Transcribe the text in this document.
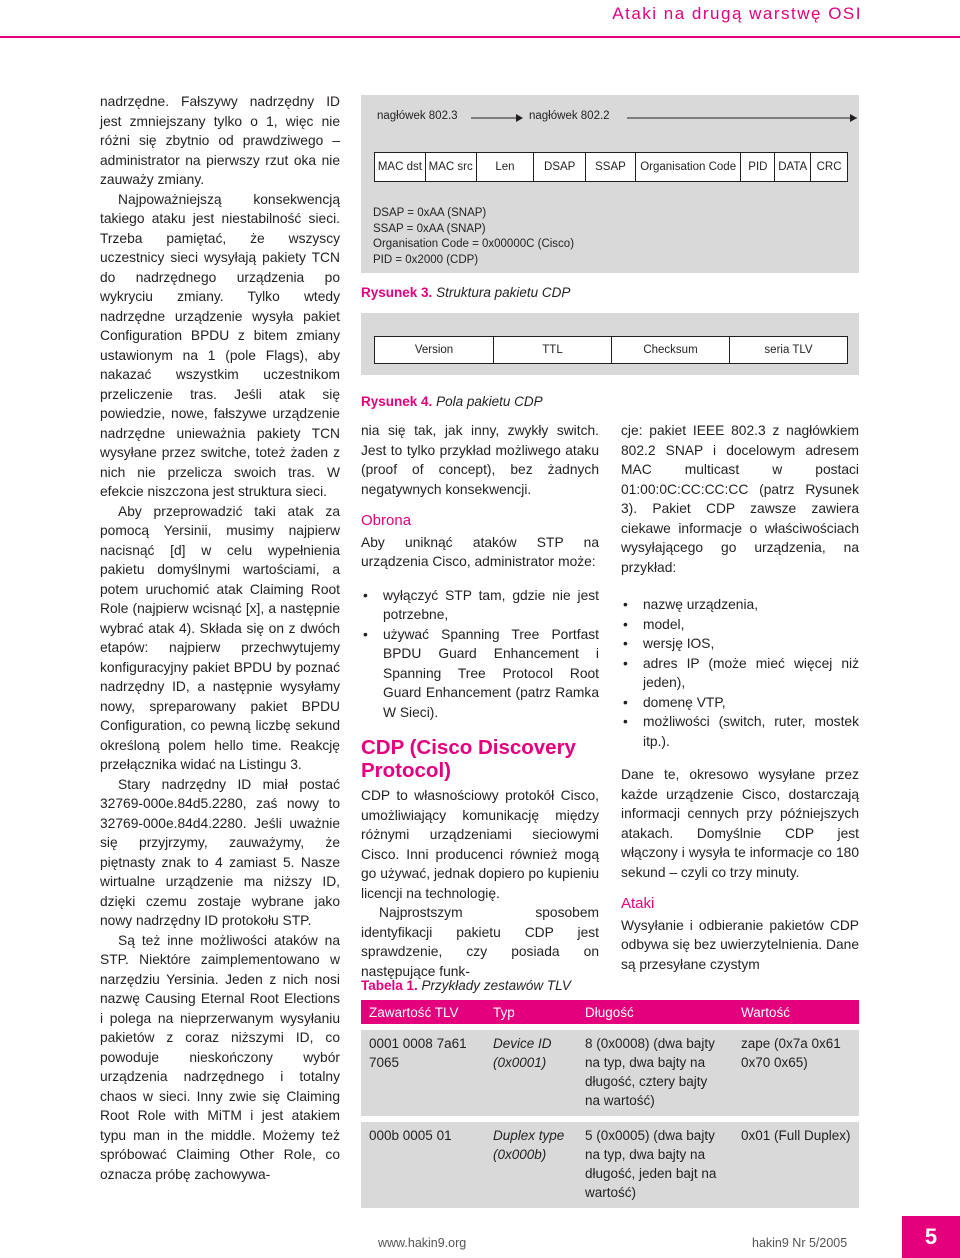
Ataki na drugą warstwę OSI

nadrzędne. Fałszywy nadrzędny ID jest zmniejszany tylko o 1, więc nie różni się zbytnio od prawdziwego – administrator na pierwszy rzut oka nie zauważy zmiany.

Najpoważniejszą konsekwencją takiego ataku jest niestabilność sieci. Trzeba pamiętać, że wszyscy uczestnicy sieci wysyłają pakiety TCN do nadrzędnego urządzenia po wykryciu zmiany. Tylko wtedy nadrzędne urządzenie wysyła pakiet Configuration BPDU z bitem zmiany ustawionym na 1 (pole Flags), aby nakazać wszystkim uczestnikom przeliczenie tras. Jeśli atak się powiedzie, nowe, fałszywe urządzenie nadrzędne unieważnia pakiety TCN wysyłane przez switche, toteż żaden z nich nie przelicza swoich tras. W efekcie niszczona jest struktura sieci.

Aby przeprowadzić taki atak za pomocą Yersinii, musimy najpierw nacisnąć [d] w celu wypełnienia pakietu domyślnymi wartościami, a potem uruchomić atak Claiming Root Role (najpierw wcisnąć [x], a następnie wybrać atak 4). Składa się on z dwóch etapów: najpierw przechwytujemy konfiguracyjny pakiet BPDU by poznać nadrzędny ID, a następnie wysyłamy nowy, spreparowany pakiet BPDU Configuration, co pewną liczbę sekund określoną polem hello time. Reakcję przełącznika widać na Listingu 3.

Stary nadrzędny ID miał postać 32769-000e.84d5.2280, zaś nowy to 32769-000e.84d4.2280. Jeśli uważnie się przyjrzymy, zauważymy, że piętnasty znak to 4 zamiast 5. Nasze wirtualne urządzenie ma niższy ID, dzięki czemu zostaje wybrane jako nowy nadrzędny ID protokołu STP.

Są też inne możliwości ataków na STP. Niektóre zaimplementowano w narzędziu Yersinia. Jeden z nich nosi nazwę Causing Eternal Root Elections i polega na nieprzerwanym wysyłaniu pakietów z coraz niższymi ID, co powoduje nieskończony wybór urządzenia nadrzędnego i totalny chaos w sieci. Inny zwie się Claiming Root Role with MiTM i jest atakiem typu man in the middle. Możemy też spróbować Claiming Other Role, co oznacza próbę zachowywa-

nagłówek 802.3	nagłówek 802.2
MAC dst MAC src	Len	DSAP	SSAP	Organisation Code	PID DATA CRC
DSAP = 0xAA (SNAP)
SSAP = 0xAA (SNAP)
Organisation Code = 0x00000C (Cisco)
PID = 0x2000 (CDP)
Rysunek 3. Struktura pakietu CDP
Version	TTL	Checksum	seria TLV
Rysunek 4. Pola pakietu CDP

nia się tak, jak inny, zwykły switch. Jest to tylko przykład możliwego ataku (proof of concept), bez żadnych negatywnych konsekwencji.

Obrona

Aby uniknąć ataków STP na urządzenia Cisco, administrator może:

• wyłączyć STP tam, gdzie nie jest potrzebne,
• używać Spanning Tree Portfast BPDU Guard Enhancement i Spanning Tree Protocol Root Guard Enhancement (patrz Ramka W Sieci).

CDP (Cisco Discovery Protocol)

CDP to własnościowy protokół Cisco, umożliwiający komunikację między różnymi urządzeniami sieciowymi Cisco. Inni producenci również mogą go używać, jednak dopiero po kupieniu licencji na technologię.

Najprostszym sposobem identyfikacji pakietu CDP jest sprawdzenie, czy posiada on następujące funk-

cje: pakiet IEEE 802.3 z nagłówkiem 802.2 SNAP i docelowym adresem MAC multicast w postaci 01:00:0C:CC:CC:CC (patrz Rysunek 3). Pakiet CDP zawsze zawiera ciekawe informacje o właściwościach wysyłającego go urządzenia, na przykład:

• nazwę urządzenia,
• model,
• wersję IOS,
• adres IP (może mieć więcej niż jeden),
• domenę VTP,
• możliwości (switch, ruter, mostek itp.).

Dane te, okresowo wysyłane przez każde urządzenie Cisco, dostarczają informacji cennych przy późniejszych atakach. Domyślnie CDP jest włączony i wysyła te informacje co 180 sekund – czyli co trzy minuty.

Ataki

Wysyłanie i odbieranie pakietów CDP odbywa się bez uwierzytelnienia. Dane są przesyłane czystym

Tabela 1. Przykłady zestawów TLV
Zawartość TLV	Typ	Długość	Wartość

0001 0008 7a61 7065	Device ID (0x0001)	8 (0x0008) (dwa bajty na typ, dwa bajty na długość, cztery bajty na wartość)	zape (0x7a 0x61 0x70 0x65)

000b 0005 01	Duplex type (0x000b)	5 (0x0005) (dwa bajty na typ, dwa bajty na długość, jeden bajt na wartość)	0x01 (Full Duplex)
www.hakin9.org	hakin9 Nr 5/2005	5
